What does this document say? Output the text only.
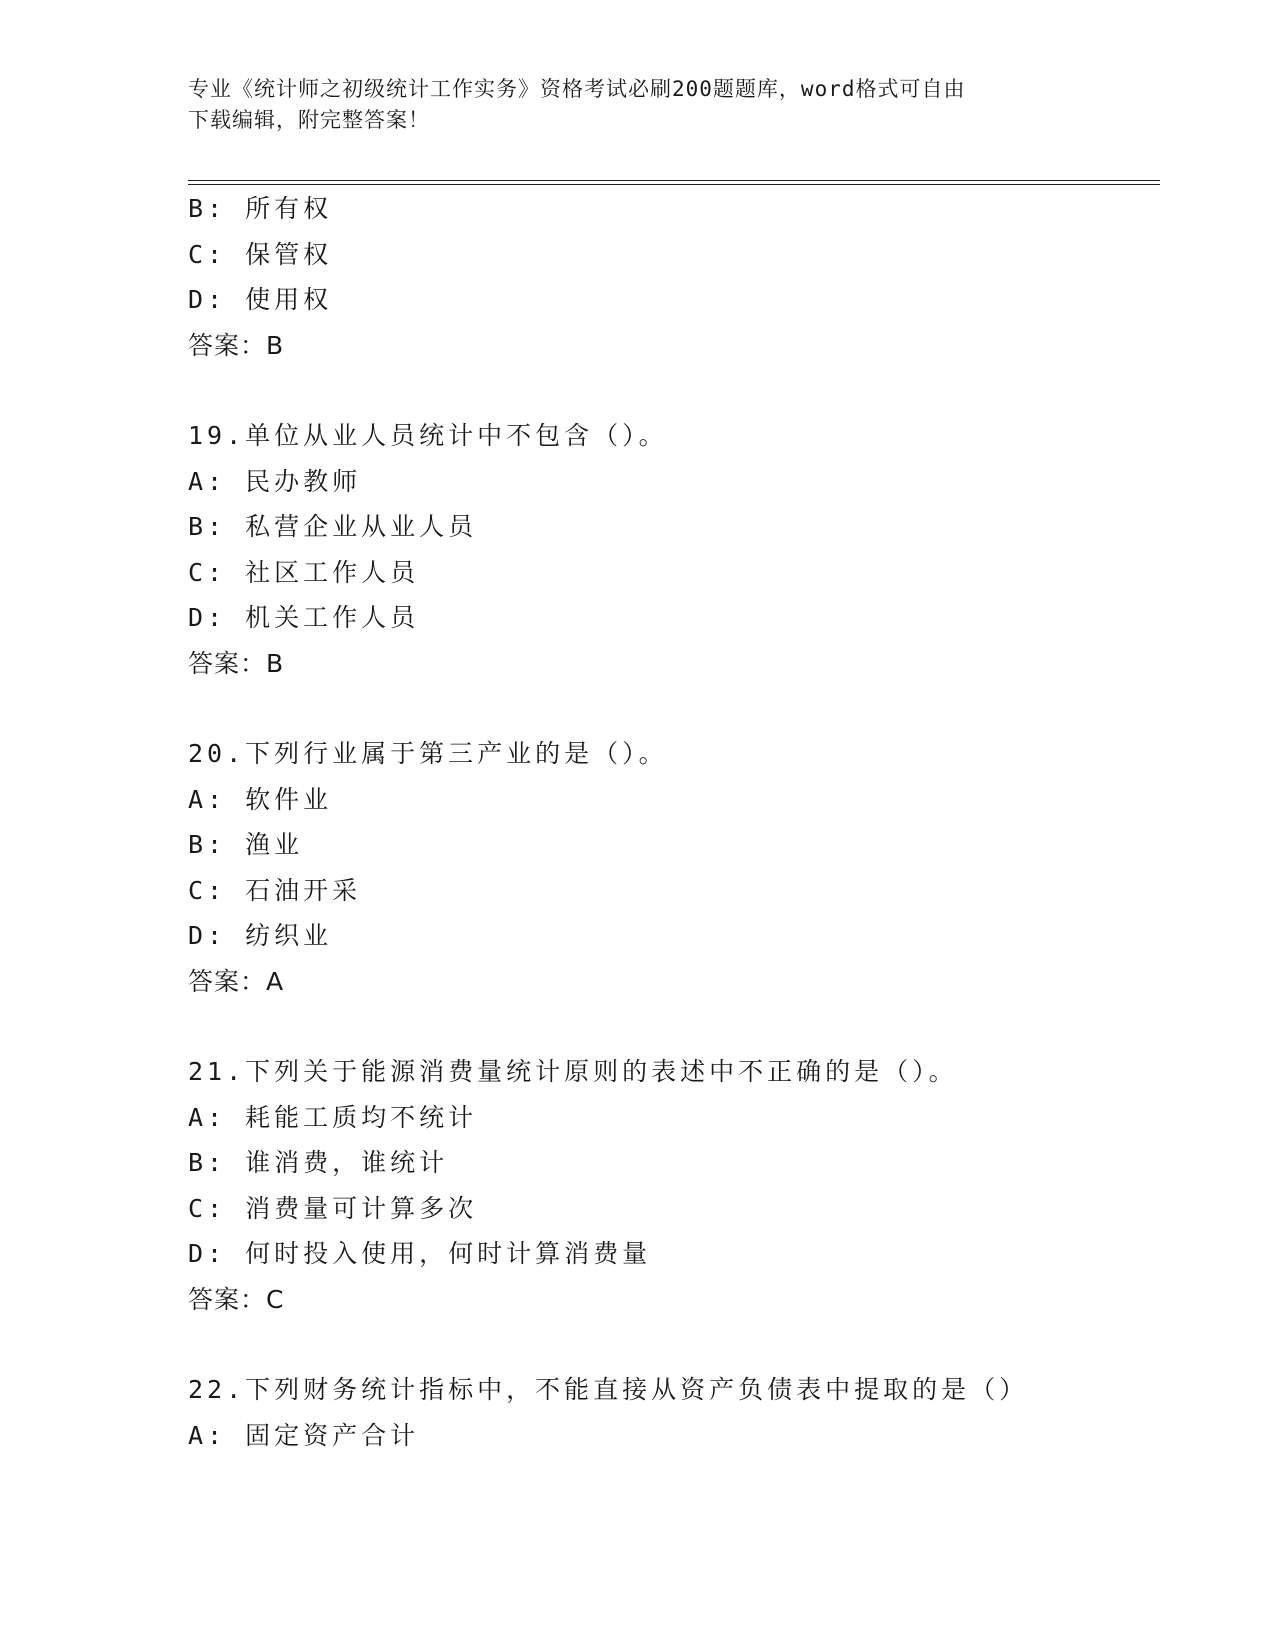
专业《统计师之初级统计工作实务》资格考试必刷200题题库，word格式可自由
下载编辑，附完整答案！
B: 所有权
C: 保管权
D: 使用权
答案：B
19.单位从业人员统计中不包含（）。
A: 民办教师
B: 私营企业从业人员
C: 社区工作人员
D: 机关工作人员
答案：B
20.下列行业属于第三产业的是（）。
A: 软件业
B: 渔业
C: 石油开采
D: 纺织业
答案：A
21.下列关于能源消费量统计原则的表述中不正确的是（）。
A: 耗能工质均不统计
B: 谁消费，谁统计
C: 消费量可计算多次
D: 何时投入使用，何时计算消费量
答案：C
22.下列财务统计指标中，不能直接从资产负债表中提取的是（）
A: 固定资产合计
